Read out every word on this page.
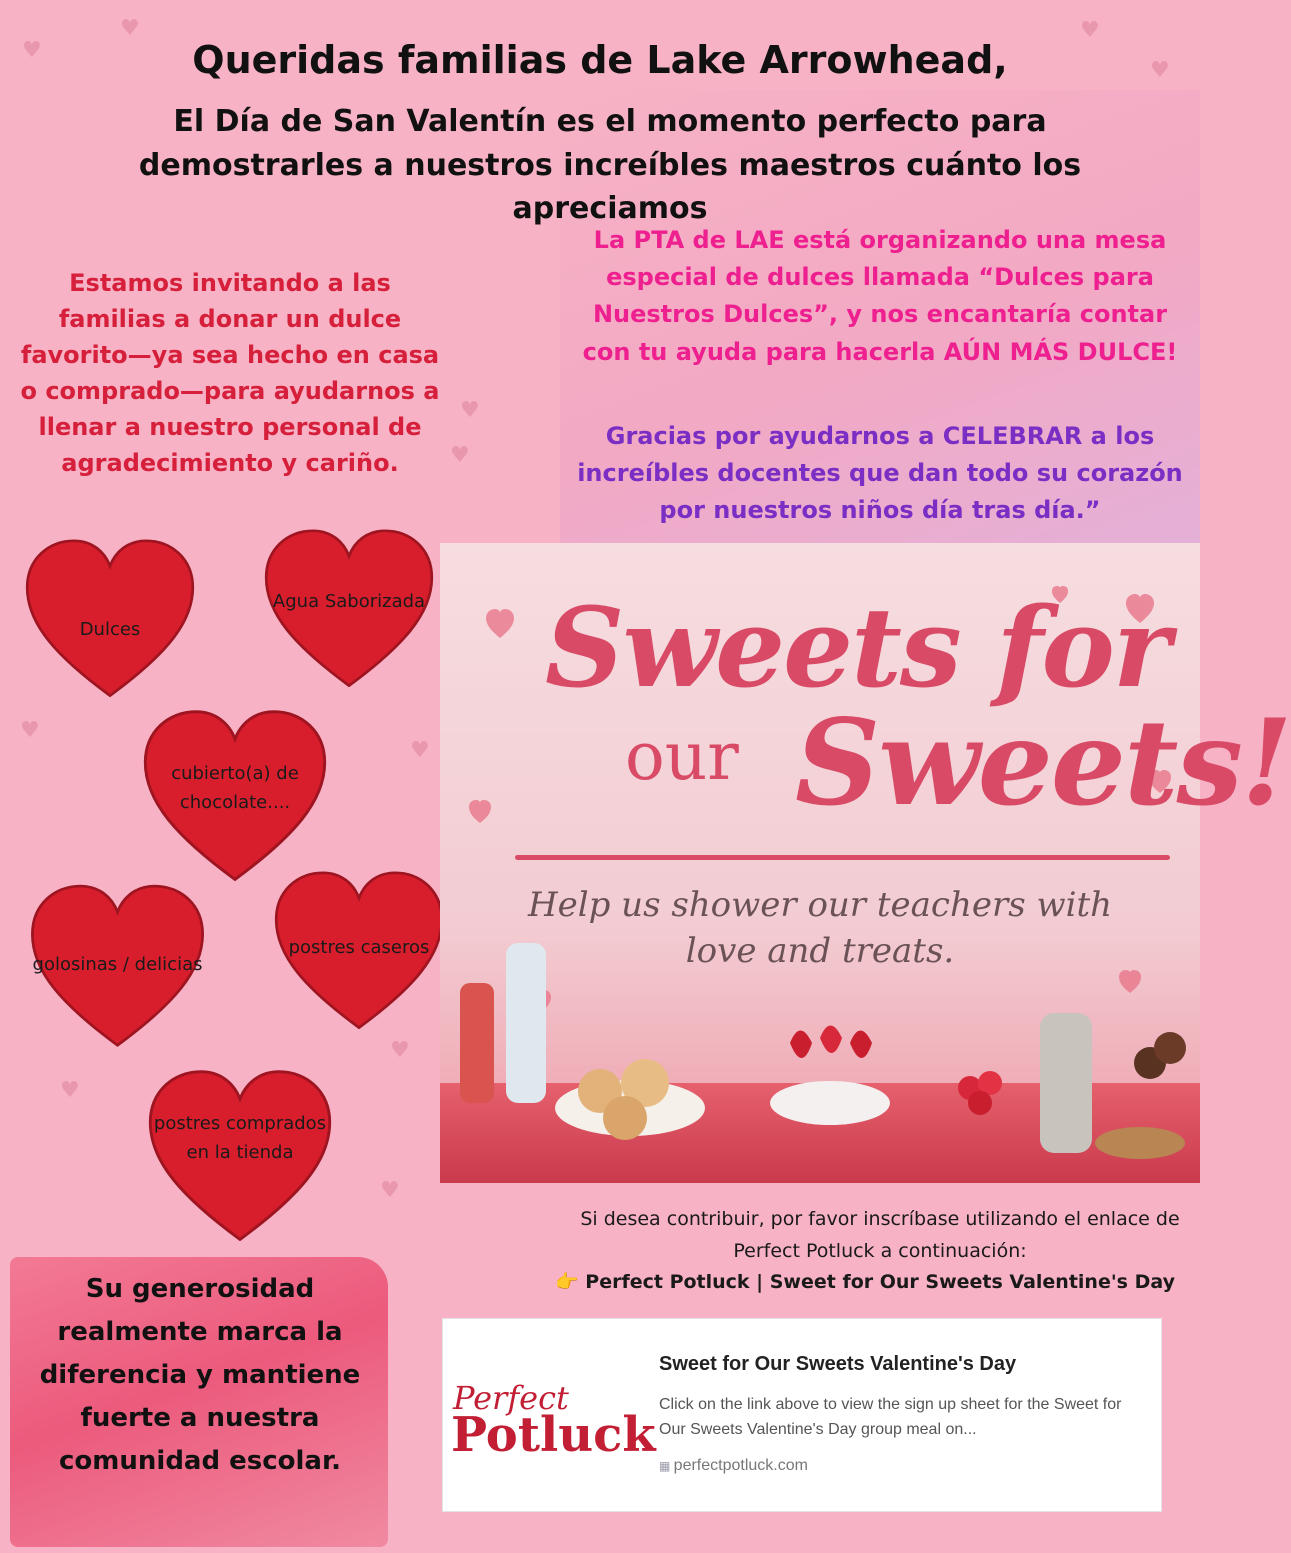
♥
♥	♥
♥
♥
♥
♥
♥
♥
♥
♥
Queridas familias de Lake Arrowhead,
El Día de San Valentín es el momento perfecto para demostrarles a nuestros increíbles maestros cuánto los apreciamos
Estamos invitando a las familias a donar un dulce favorito—ya sea hecho en casa o comprado—para ayudarnos a llenar a nuestro personal de agradecimiento y cariño.
La PTA de LAE está organizando una mesa especial de dulces llamada “Dulces para Nuestros Dulces”, y nos encantaría contar con tu ayuda para hacerla AÚN MÁS DULCE!
Gracias por ayudarnos a CELEBRAR a los increíbles docentes que dan todo su corazón por nuestros niños día tras día.”
Dulces
Agua Saborizada
cubierto(a) de
chocolate....
golosinas / delicias
postres caseros
postres comprados
en la tienda
Sweets for
our Sweets!
Help us shower our teachers with love and treats.
Si desea contribuir, por favor inscríbase utilizando el enlace de Perfect Potluck a continuación:
👉 Perfect Potluck | Sweet for Our Sweets Valentine's Day
Perfect
Potluck
Sweet for Our Sweets Valentine's Day
Click on the link above to view the sign up sheet for the Sweet for Our Sweets Valentine's Day group meal on...
▦ perfectpotluck.com
Su generosidad realmente marca la diferencia y mantiene fuerte a nuestra comunidad escolar.
